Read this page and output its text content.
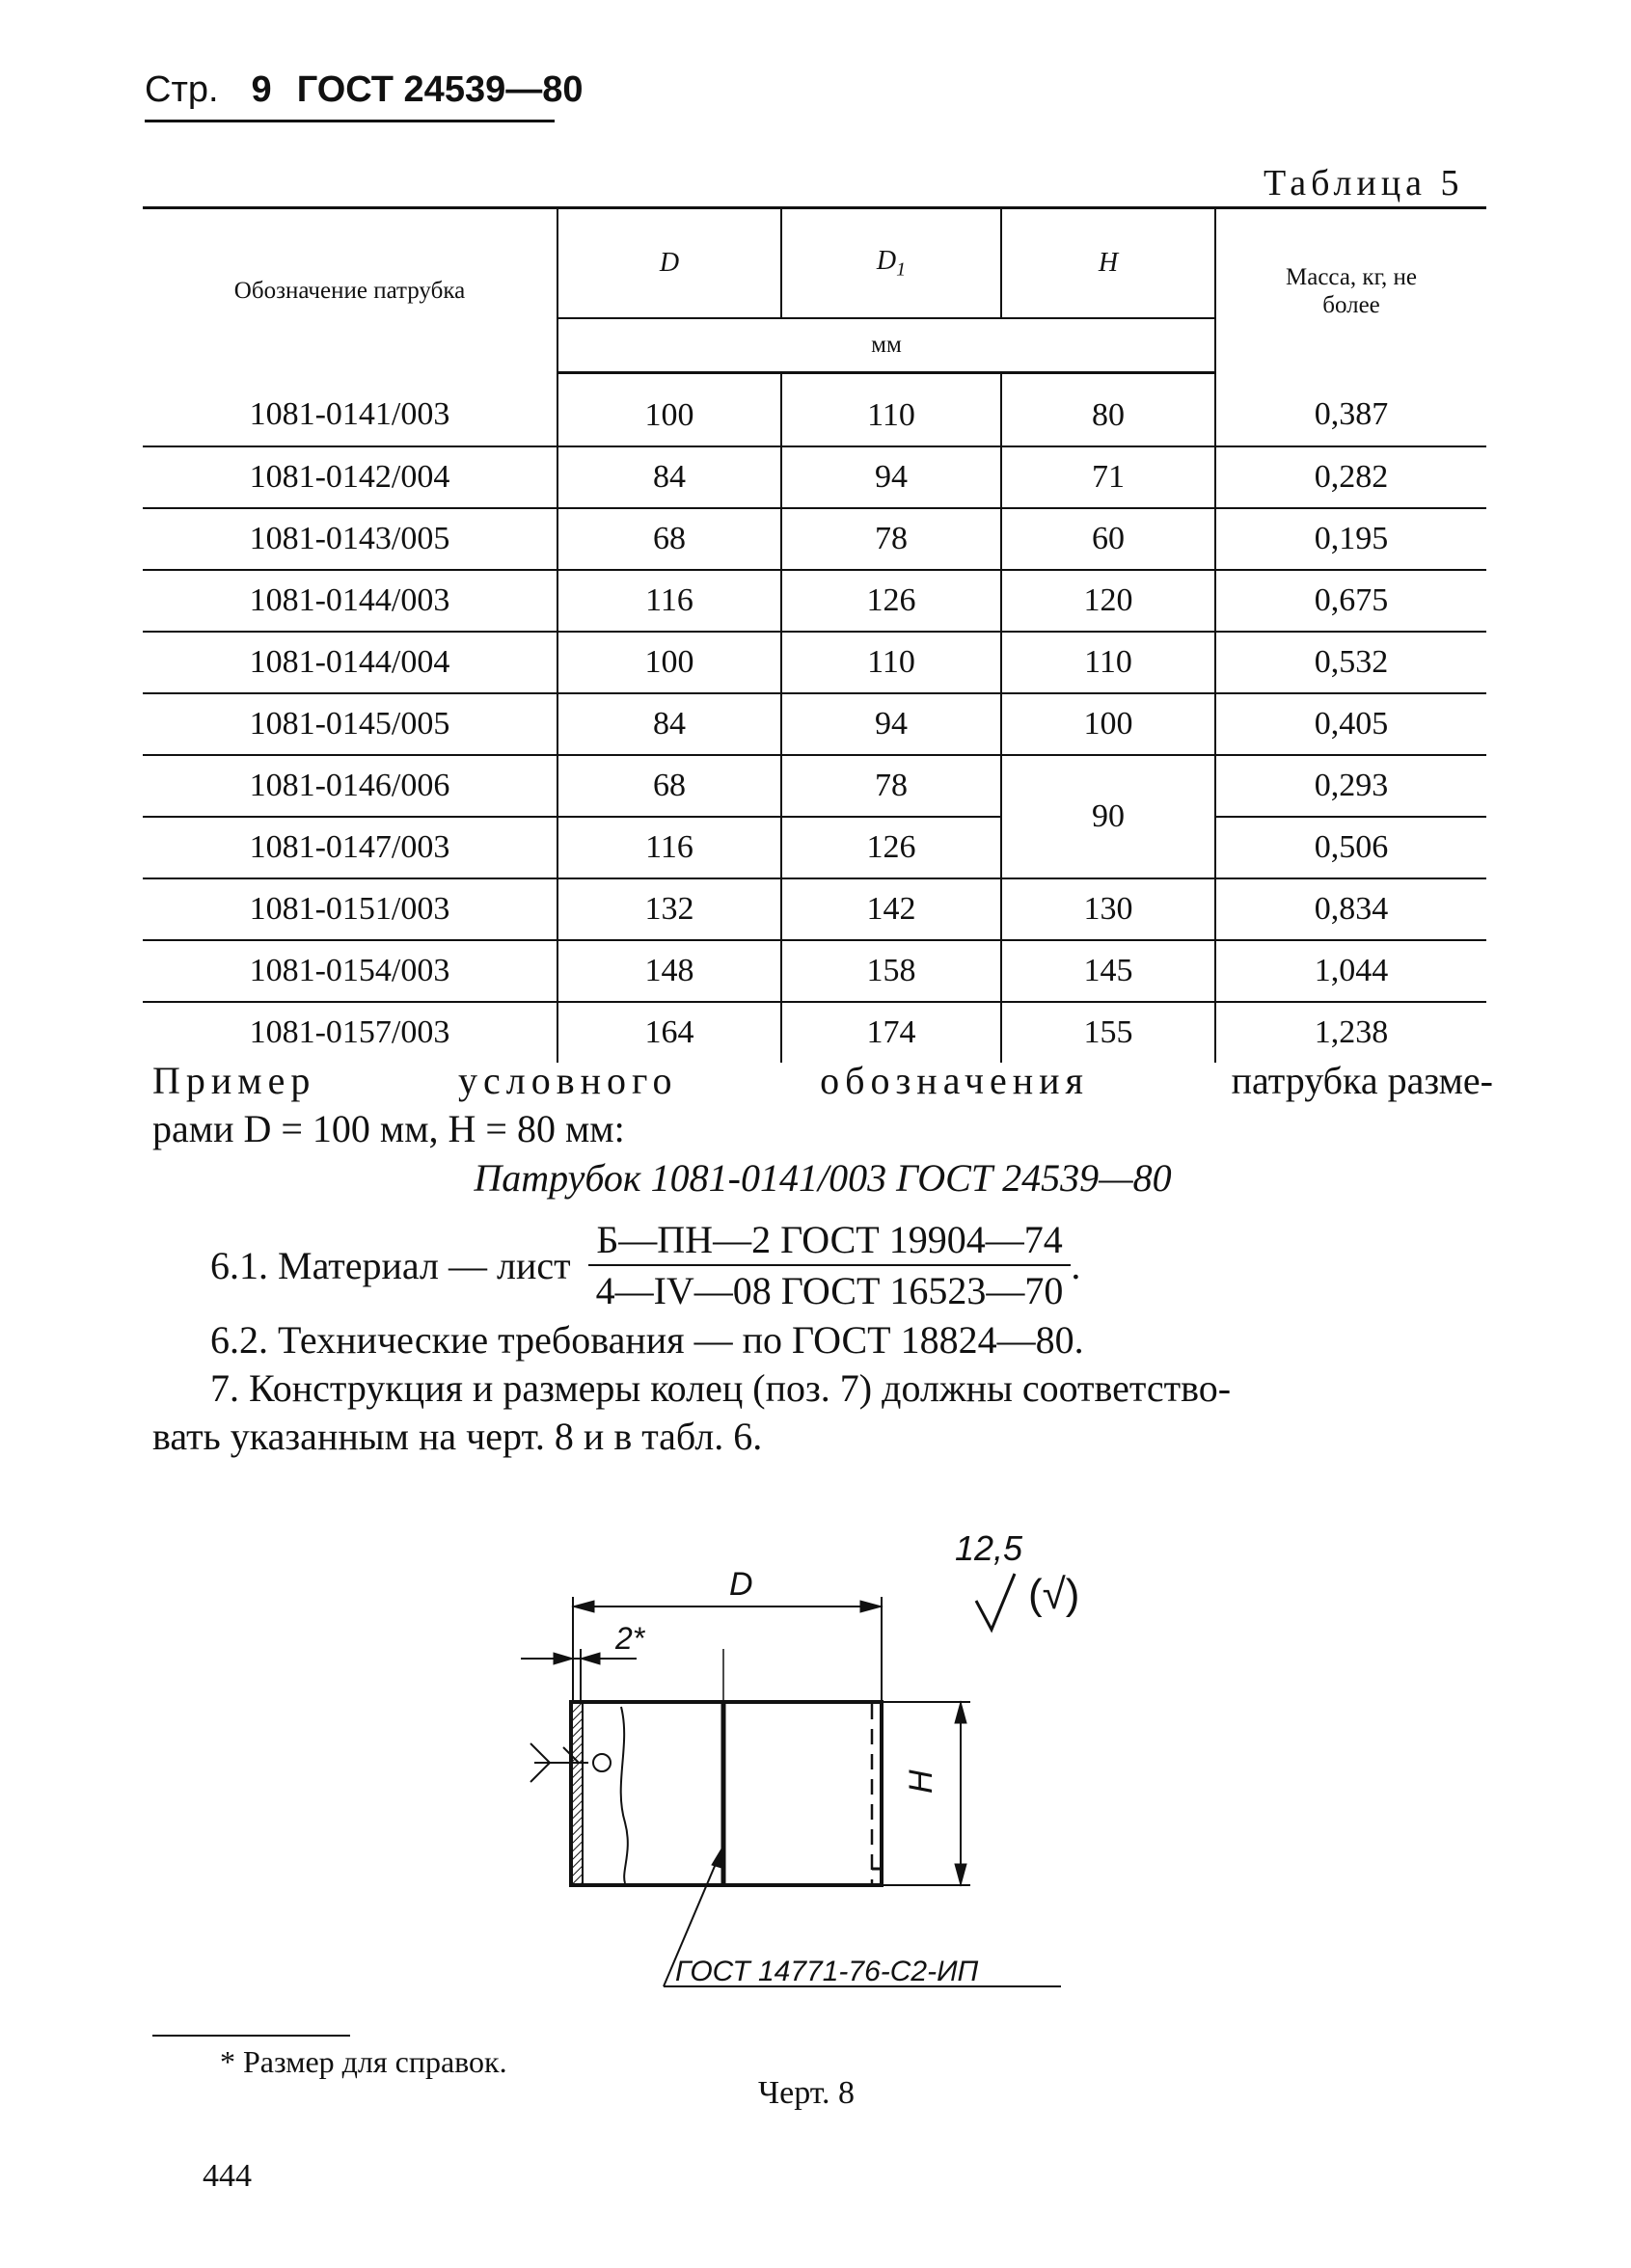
Стр. 9 ГОСТ 24539—80
Таблица 5
Обозначение патрубка	D	$D_1$	H	Масса, кг, не более

	мм			
1081-0141/003	100	110	80	0,387
1081-0142/004	84	94	71	0,282
1081-0143/005	68	78	60	0,195
1081-0144/003	116	126	120	0,675
1081-0144/004	100	110	110	0,532
1081-0145/005	84	94	100	0,405
1081-0146/006	68	78	90	0,293
1081-0147/003	116	126		0,506
1081-0151/003	132	142	130	0,834
1081-0154/003	148	158	145	1,044
1081-0157/003	164	174	155	1,238
Пример	условного	обозначения	патрубка разме-
рами D = 100 мм, H = 80 мм:
Патрубок 1081-0141/003 ГОСТ 24539—80
6.1. Материал — лист $\frac{\text{Б—ПН—2 ГОСТ 19904—74}}{\text{4—IV—08 ГОСТ 16523—70}}$ .
6.2. Технические требования — по ГОСТ 18824—80.
7. Конструкция и размеры колец (поз. 7) должны соответство-
вать указанным на черт. 8 и в табл. 6.
12,5
(√)
D
2*
H
ГОСТ 14771-76-С2-ИП
* Размер для справок.
Черт. 8
444
